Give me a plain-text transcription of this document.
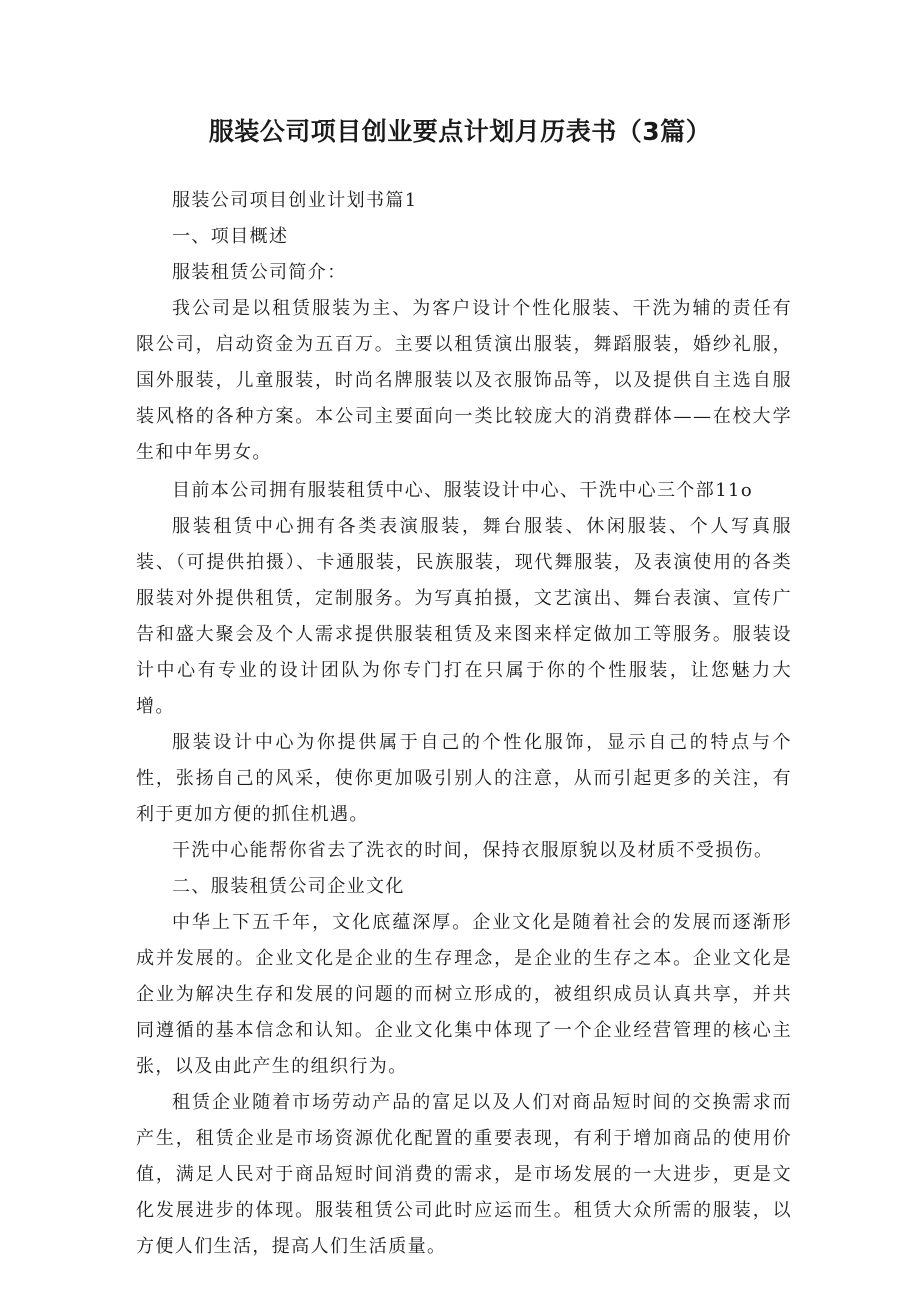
服装公司项目创业要点计划月历表书（3篇）

服装公司项目创业计划书篇1

一、项目概述

服装租赁公司简介：

我公司是以租赁服装为主、为客户设计个性化服装、干洗为辅的责任有限公司，启动资金为五百万。主要以租赁演出服装，舞蹈服装，婚纱礼服，国外服装，儿童服装，时尚名牌服装以及衣服饰品等，以及提供自主选自服装风格的各种方案。本公司主要面向一类比较庞大的消费群体——在校大学生和中年男女。

目前本公司拥有服装租赁中心、服装设计中心、干洗中心三个部11o

服装租赁中心拥有各类表演服装，舞台服装、休闲服装、个人写真服装、（可提供拍摄）、卡通服装，民族服装，现代舞服装，及表演使用的各类服装对外提供租赁，定制服务。为写真拍摄，文艺演出、舞台表演、宣传广告和盛大聚会及个人需求提供服装租赁及来图来样定做加工等服务。服装设计中心有专业的设计团队为你专门打在只属于你的个性服装，让您魅力大增。

服装设计中心为你提供属于自己的个性化服饰，显示自己的特点与个性，张扬自己的风采，使你更加吸引别人的注意，从而引起更多的关注，有利于更加方便的抓住机遇。

干洗中心能帮你省去了洗衣的时间，保持衣服原貌以及材质不受损伤。

二、服装租赁公司企业文化

中华上下五千年，文化底蕴深厚。企业文化是随着社会的发展而逐渐形成并发展的。企业文化是企业的生存理念，是企业的生存之本。企业文化是企业为解决生存和发展的问题的而树立形成的，被组织成员认真共享，并共同遵循的基本信念和认知。企业文化集中体现了一个企业经营管理的核心主张，以及由此产生的组织行为。

租赁企业随着市场劳动产品的富足以及人们对商品短时间的交换需求而产生，租赁企业是市场资源优化配置的重要表现，有利于增加商品的使用价值，满足人民对于商品短时间消费的需求，是市场发展的一大进步，更是文化发展进步的体现。服装租赁公司此时应运而生。租赁大众所需的服装，以方便人们生活，提高人们生活质量。
